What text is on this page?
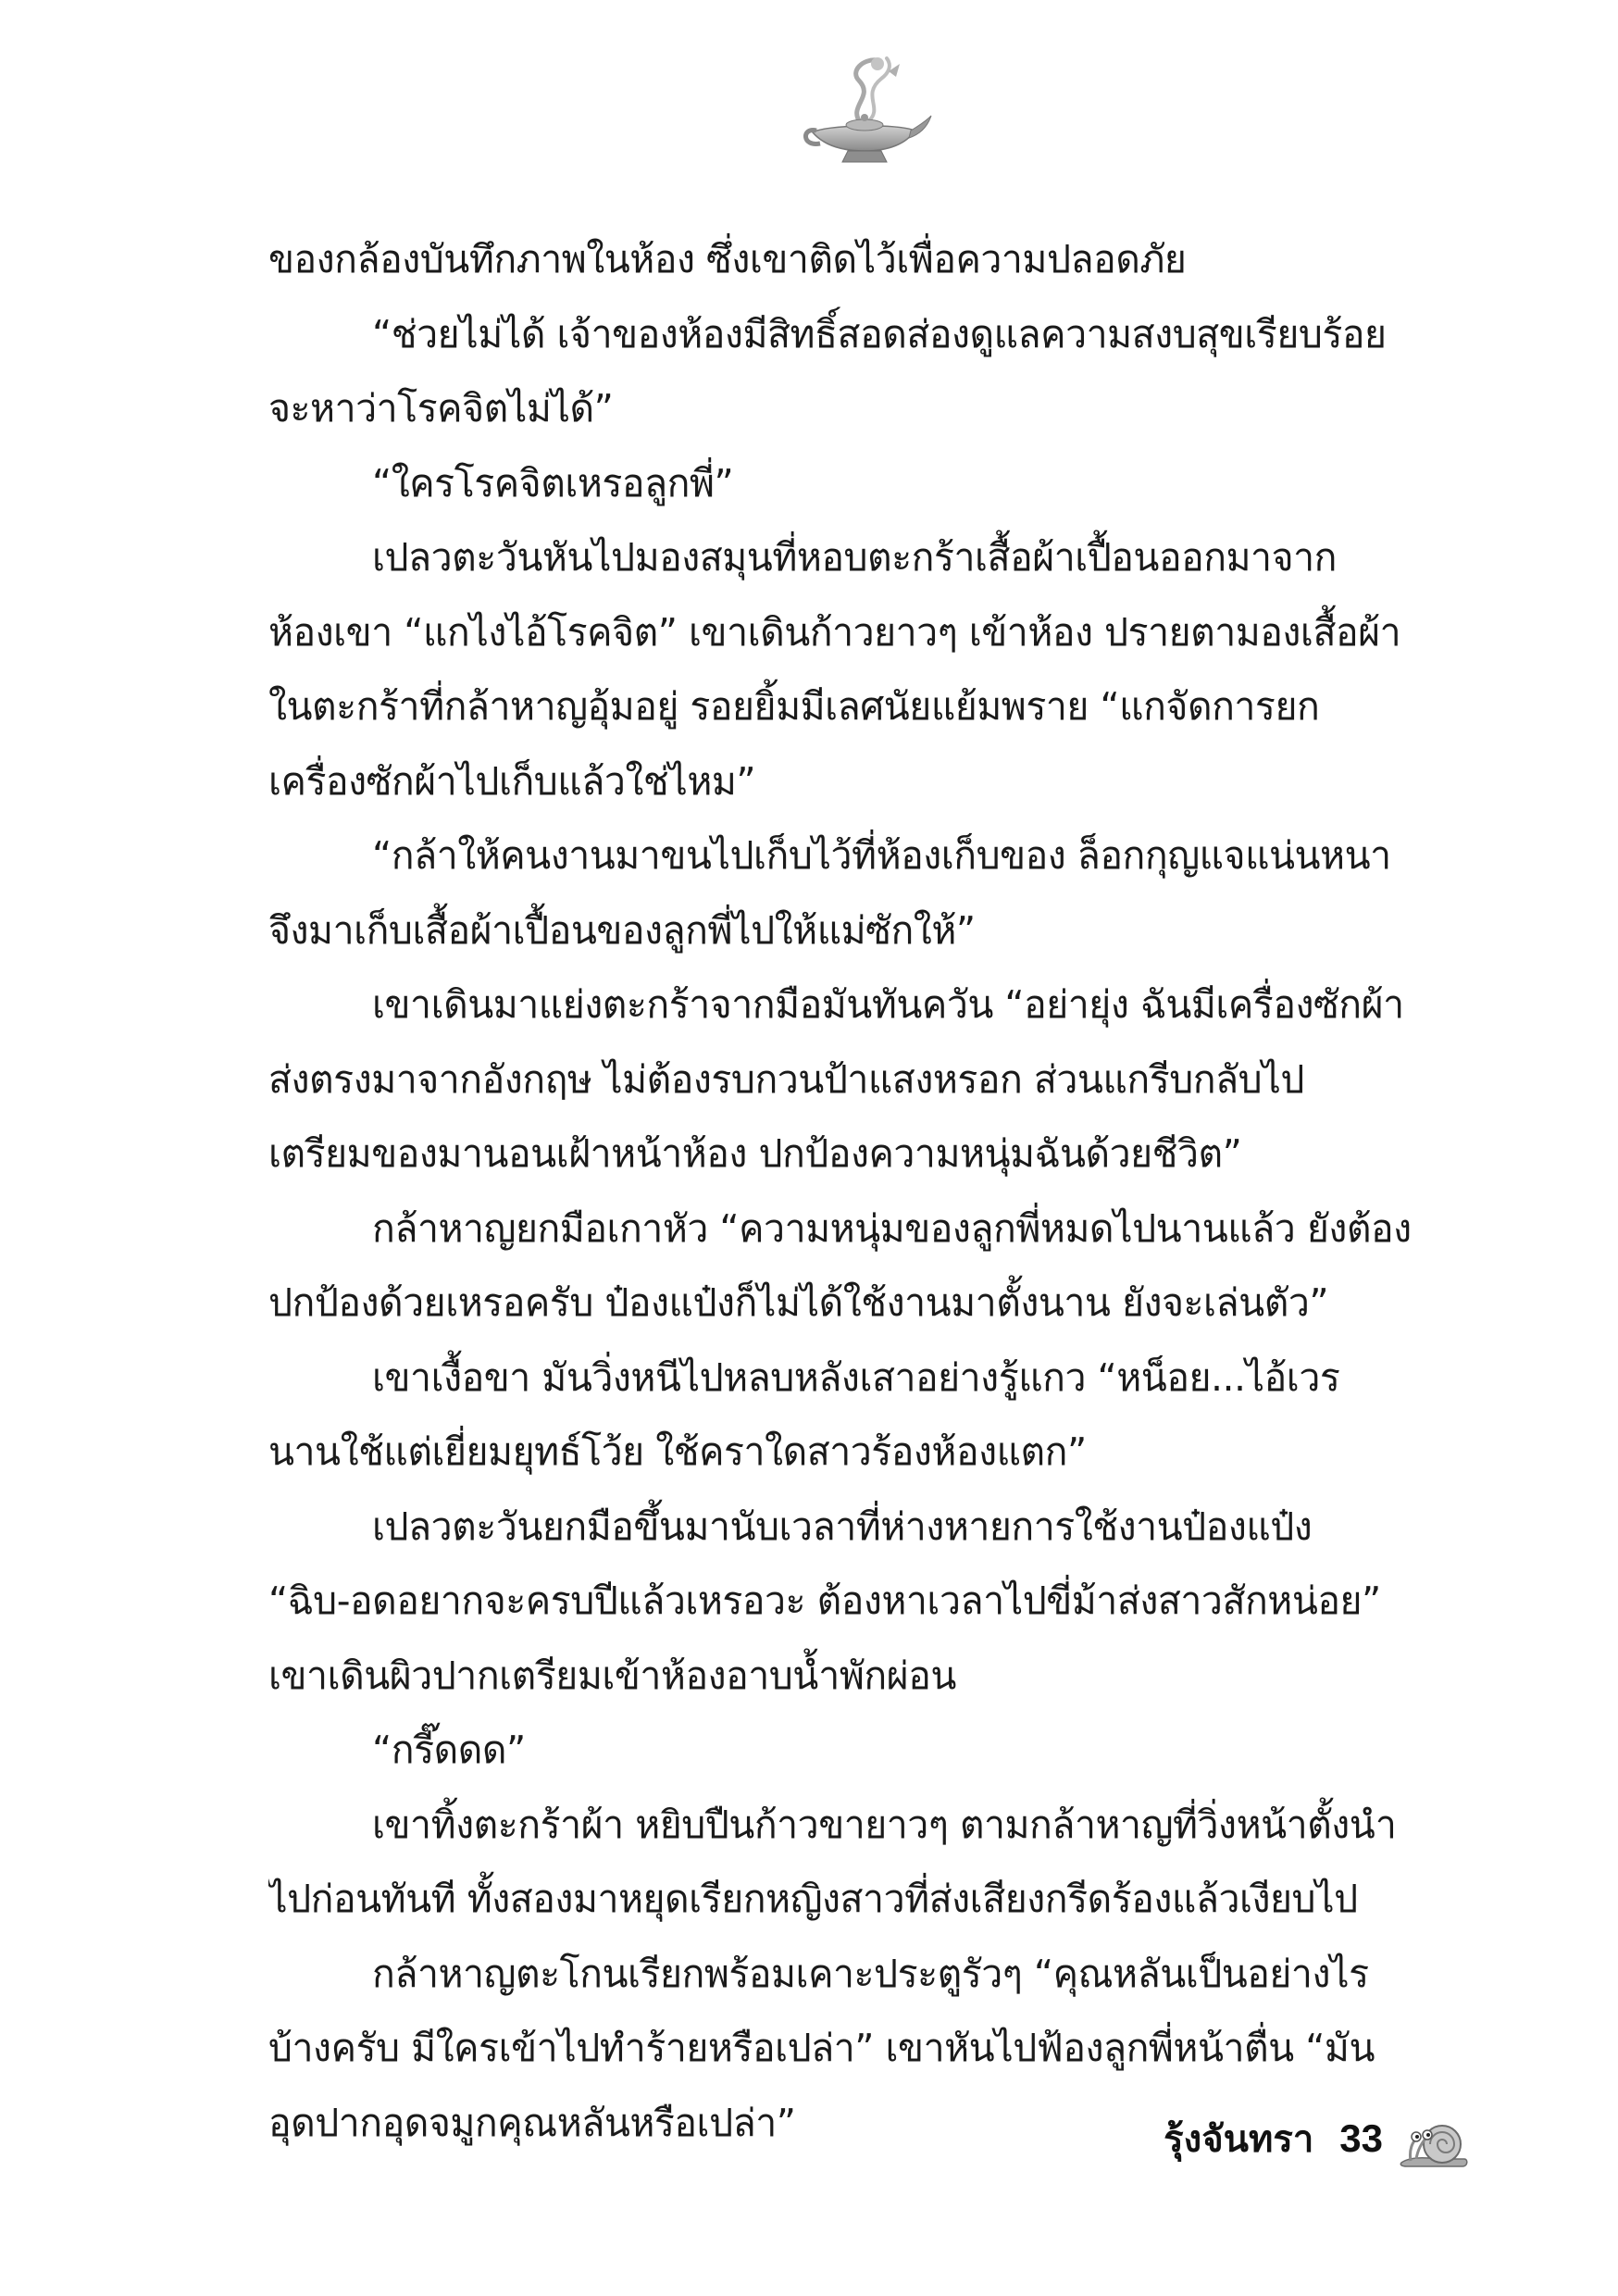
ของกล้องบันทึกภาพในห้อง ซึ่งเขาติดไว้เพื่อความปลอดภัย
“ช่วยไม่ได้ เจ้าของห้องมีสิทธิ์สอดส่องดูแลความสงบสุขเรียบร้อย
จะหาว่าโรคจิตไม่ได้”
“ใครโรคจิตเหรอลูกพี่”
เปลวตะวันหันไปมองสมุนที่หอบตะกร้าเสื้อผ้าเปื้อนออกมาจาก
ห้องเขา “แกไงไอ้โรคจิต” เขาเดินก้าวยาวๆ เข้าห้อง ปรายตามองเสื้อผ้า
ในตะกร้าที่กล้าหาญอุ้มอยู่ รอยยิ้มมีเลศนัยแย้มพราย “แกจัดการยก
เครื่องซักผ้าไปเก็บแล้วใช่ไหม”
“กล้าให้คนงานมาขนไปเก็บไว้ที่ห้องเก็บของ ล็อกกุญแจแน่นหนา
จึงมาเก็บเสื้อผ้าเปื้อนของลูกพี่ไปให้แม่ซักให้”
เขาเดินมาแย่งตะกร้าจากมือมันทันควัน “อย่ายุ่ง ฉันมีเครื่องซักผ้า
ส่งตรงมาจากอังกฤษ ไม่ต้องรบกวนป้าแสงหรอก ส่วนแกรีบกลับไป
เตรียมของมานอนเฝ้าหน้าห้อง ปกป้องความหนุ่มฉันด้วยชีวิต”
กล้าหาญยกมือเกาหัว “ความหนุ่มของลูกพี่หมดไปนานแล้ว ยังต้อง
ปกป้องด้วยเหรอครับ ป๋องแป๋งก็ไม่ได้ใช้งานมาตั้งนาน ยังจะเล่นตัว”
เขาเงื้อขา มันวิ่งหนีไปหลบหลังเสาอย่างรู้แกว “หน็อย...ไอ้เวร
นานใช้แต่เยี่ยมยุทธ์โว้ย ใช้คราใดสาวร้องห้องแตก”
เปลวตะวันยกมือขึ้นมานับเวลาที่ห่างหายการใช้งานป๋องแป๋ง
“ฉิบ-อดอยากจะครบปีแล้วเหรอวะ ต้องหาเวลาไปขี่ม้าส่งสาวสักหน่อย”
เขาเดินผิวปากเตรียมเข้าห้องอาบน้ำพักผ่อน
“กรี๊ดดด”
เขาทิ้งตะกร้าผ้า หยิบปืนก้าวขายาวๆ ตามกล้าหาญที่วิ่งหน้าตั้งนำ
ไปก่อนทันที ทั้งสองมาหยุดเรียกหญิงสาวที่ส่งเสียงกรีดร้องแล้วเงียบไป
กล้าหาญตะโกนเรียกพร้อมเคาะประตูรัวๆ “คุณหลันเป็นอย่างไร
บ้างครับ มีใครเข้าไปทำร้ายหรือเปล่า” เขาหันไปฟ้องลูกพี่หน้าตื่น “มัน
อุดปากอุดจมูกคุณหลันหรือเปล่า”	รุ้งจันทรา 33
